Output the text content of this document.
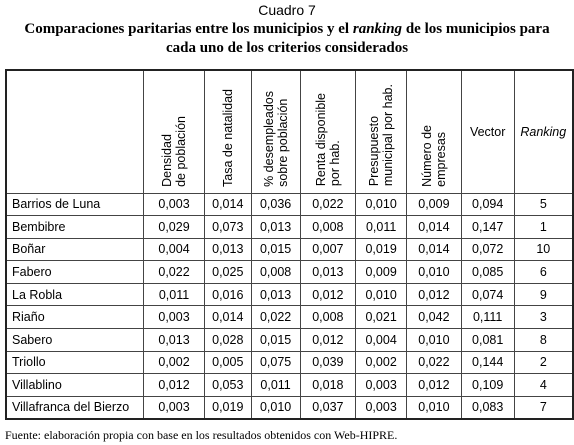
Cuadro 7
Comparaciones paritarias entre los municipios y el ranking de los municipios para
cada uno de los criterios considerados

	Densidad
de población	Tasa de natalidad	% desempleados
sobre población	Renta disponible
por hab.	Presupuesto
municipal por hab.	Número de
empresas	Vector	Ranking
Barrios de Luna	0,003	0,014	0,036	0,022	0,010	0,009	0,094	5
Bembibre	0,029	0,073	0,013	0,008	0,011	0,014	0,147	1
Boñar	0,004	0,013	0,015	0,007	0,019	0,014	0,072	10
Fabero	0,022	0,025	0,008	0,013	0,009	0,010	0,085	6
La Robla	0,011	0,016	0,013	0,012	0,010	0,012	0,074	9
Riaño	0,003	0,014	0,022	0,008	0,021	0,042	0,111	3
Sabero	0,013	0,028	0,015	0,012	0,004	0,010	0,081	8
Triollo	0,002	0,005	0,075	0,039	0,002	0,022	0,144	2
Villablino	0,012	0,053	0,011	0,018	0,003	0,012	0,109	4
Villafranca del Bierzo	0,003	0,019	0,010	0,037	0,003	0,010	0,083	7
Fuente: elaboración propia con base en los resultados obtenidos con Web-HIPRE.
